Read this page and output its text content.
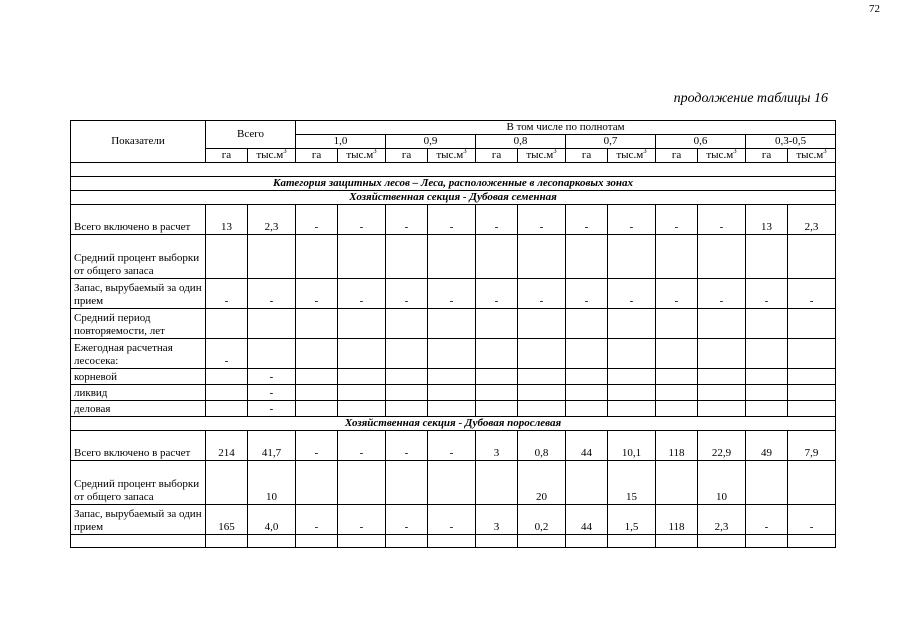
72
продолжение таблицы 16
Показатели	Всего		В том числе по полнотам											
			1,0		0,9		0,8		0,7		0,6		0,3-0,5	
	га	$тыс.м^3$	га	$тыс.м^3$	га	$тыс.м^3$	га	$тыс.м^3$	га	$тыс.м^3$	га	$тыс.м^3$	га	$тыс.м^3$

Категория защитных лесов – Леса, расположенные в лесопарковых зонах														
Хозяйственная секция - Дубовая семенная														
Всего включено в расчет	13	2,3	-	-	-	-	-	-	-	-	-	-	13	2,3
Средний процент выборки от общего запаса														
Запас, вырубаемый за один прием	-	-	-	-	-	-	-	-	-	-	-	-	-	-
Средний период повторяемости, лет														
Ежегодная расчетная лесосека:	-													
корневой		-												
ликвид		-												
деловая		-												
Хозяйственная секция - Дубовая порослевая														
Всего включено в расчет	214	41,7	-	-	-	-	3	0,8	44	10,1	118	22,9	49	7,9
Средний процент выборки от общего запаса		10						20		15		10		
Запас, вырубаемый за один прием	165	4,0	-	-	-	-	3	0,2	44	1,5	118	2,3	-	-
